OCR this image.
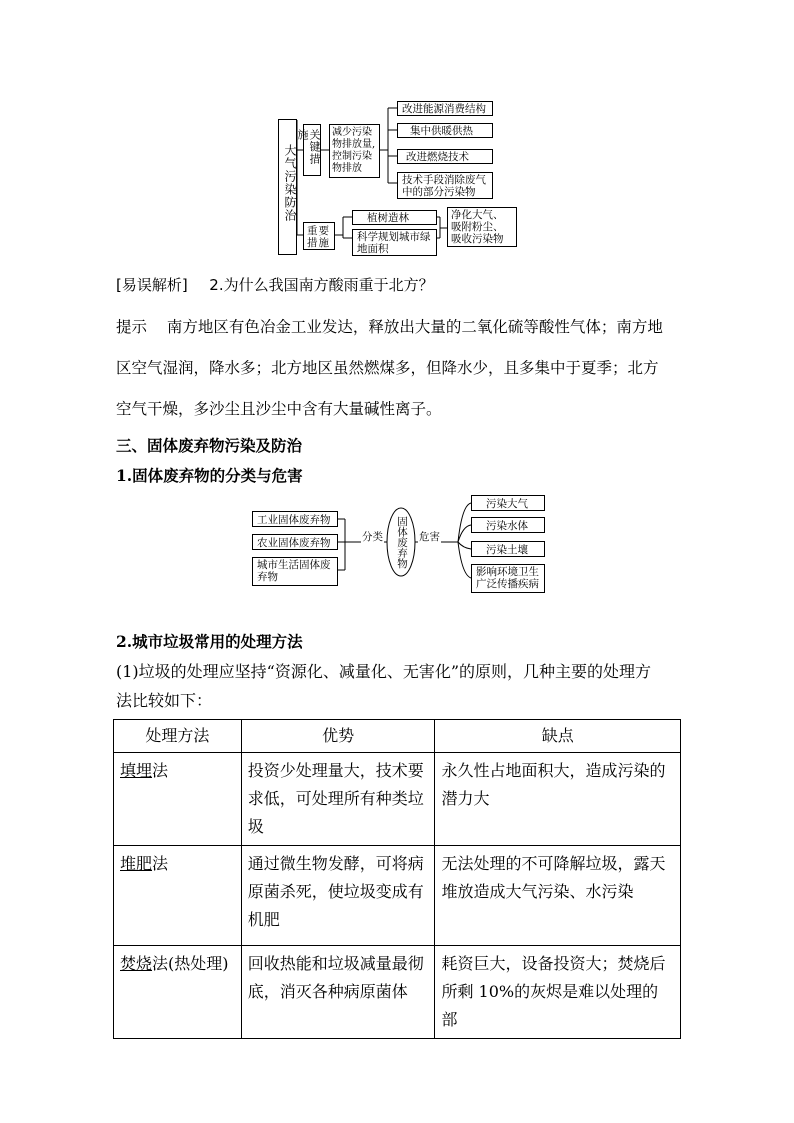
大气污染防治	关键措施	减少污染物排放量,控制污染物排放
改进能源消费结构
集中供暖供热
改进燃烧技术
技术手段消除废气中的部分污染物
重要措施
植树造林
科学规划城市绿地面积
净化大气、吸附粉尘、吸收污染物
[易误解析] 2.为什么我国南方酸雨重于北方？
提示 南方地区有色冶金工业发达，释放出大量的二氧化硫等酸性气体；南方地
区空气湿润，降水多；北方地区虽然燃煤多，但降水少，且多集中于夏季；北方
空气干燥，多沙尘且沙尘中含有大量碱性离子。
三、固体废弃物污染及防治
1.固体废弃物的分类与危害
工业固体废弃物
农业固体废弃物
城市生活固体废弃物
分类 固体废弃物 危害
污染大气
污染水体
污染土壤
影响环境卫生广泛传播疾病
2.城市垃圾常用的处理方法
(1)垃圾的处理应坚持“资源化、减量化、无害化”的原则，几种主要的处理方
法比较如下：
处理方法	优势	缺点
填埋法	投资少处理量大，技术要求低，可处理所有种类垃圾	永久性占地面积大，造成污染的潜力大
堆肥法	通过微生物发酵，可将病原菌杀死，使垃圾变成有机肥	无法处理的不可降解垃圾，露天堆放造成大气污染、水污染
焚烧法(热处理)	回收热能和垃圾减量最彻底，消灭各种病原菌体	耗资巨大，设备投资大；焚烧后所剩 10%的灰烬是难以处理的部
